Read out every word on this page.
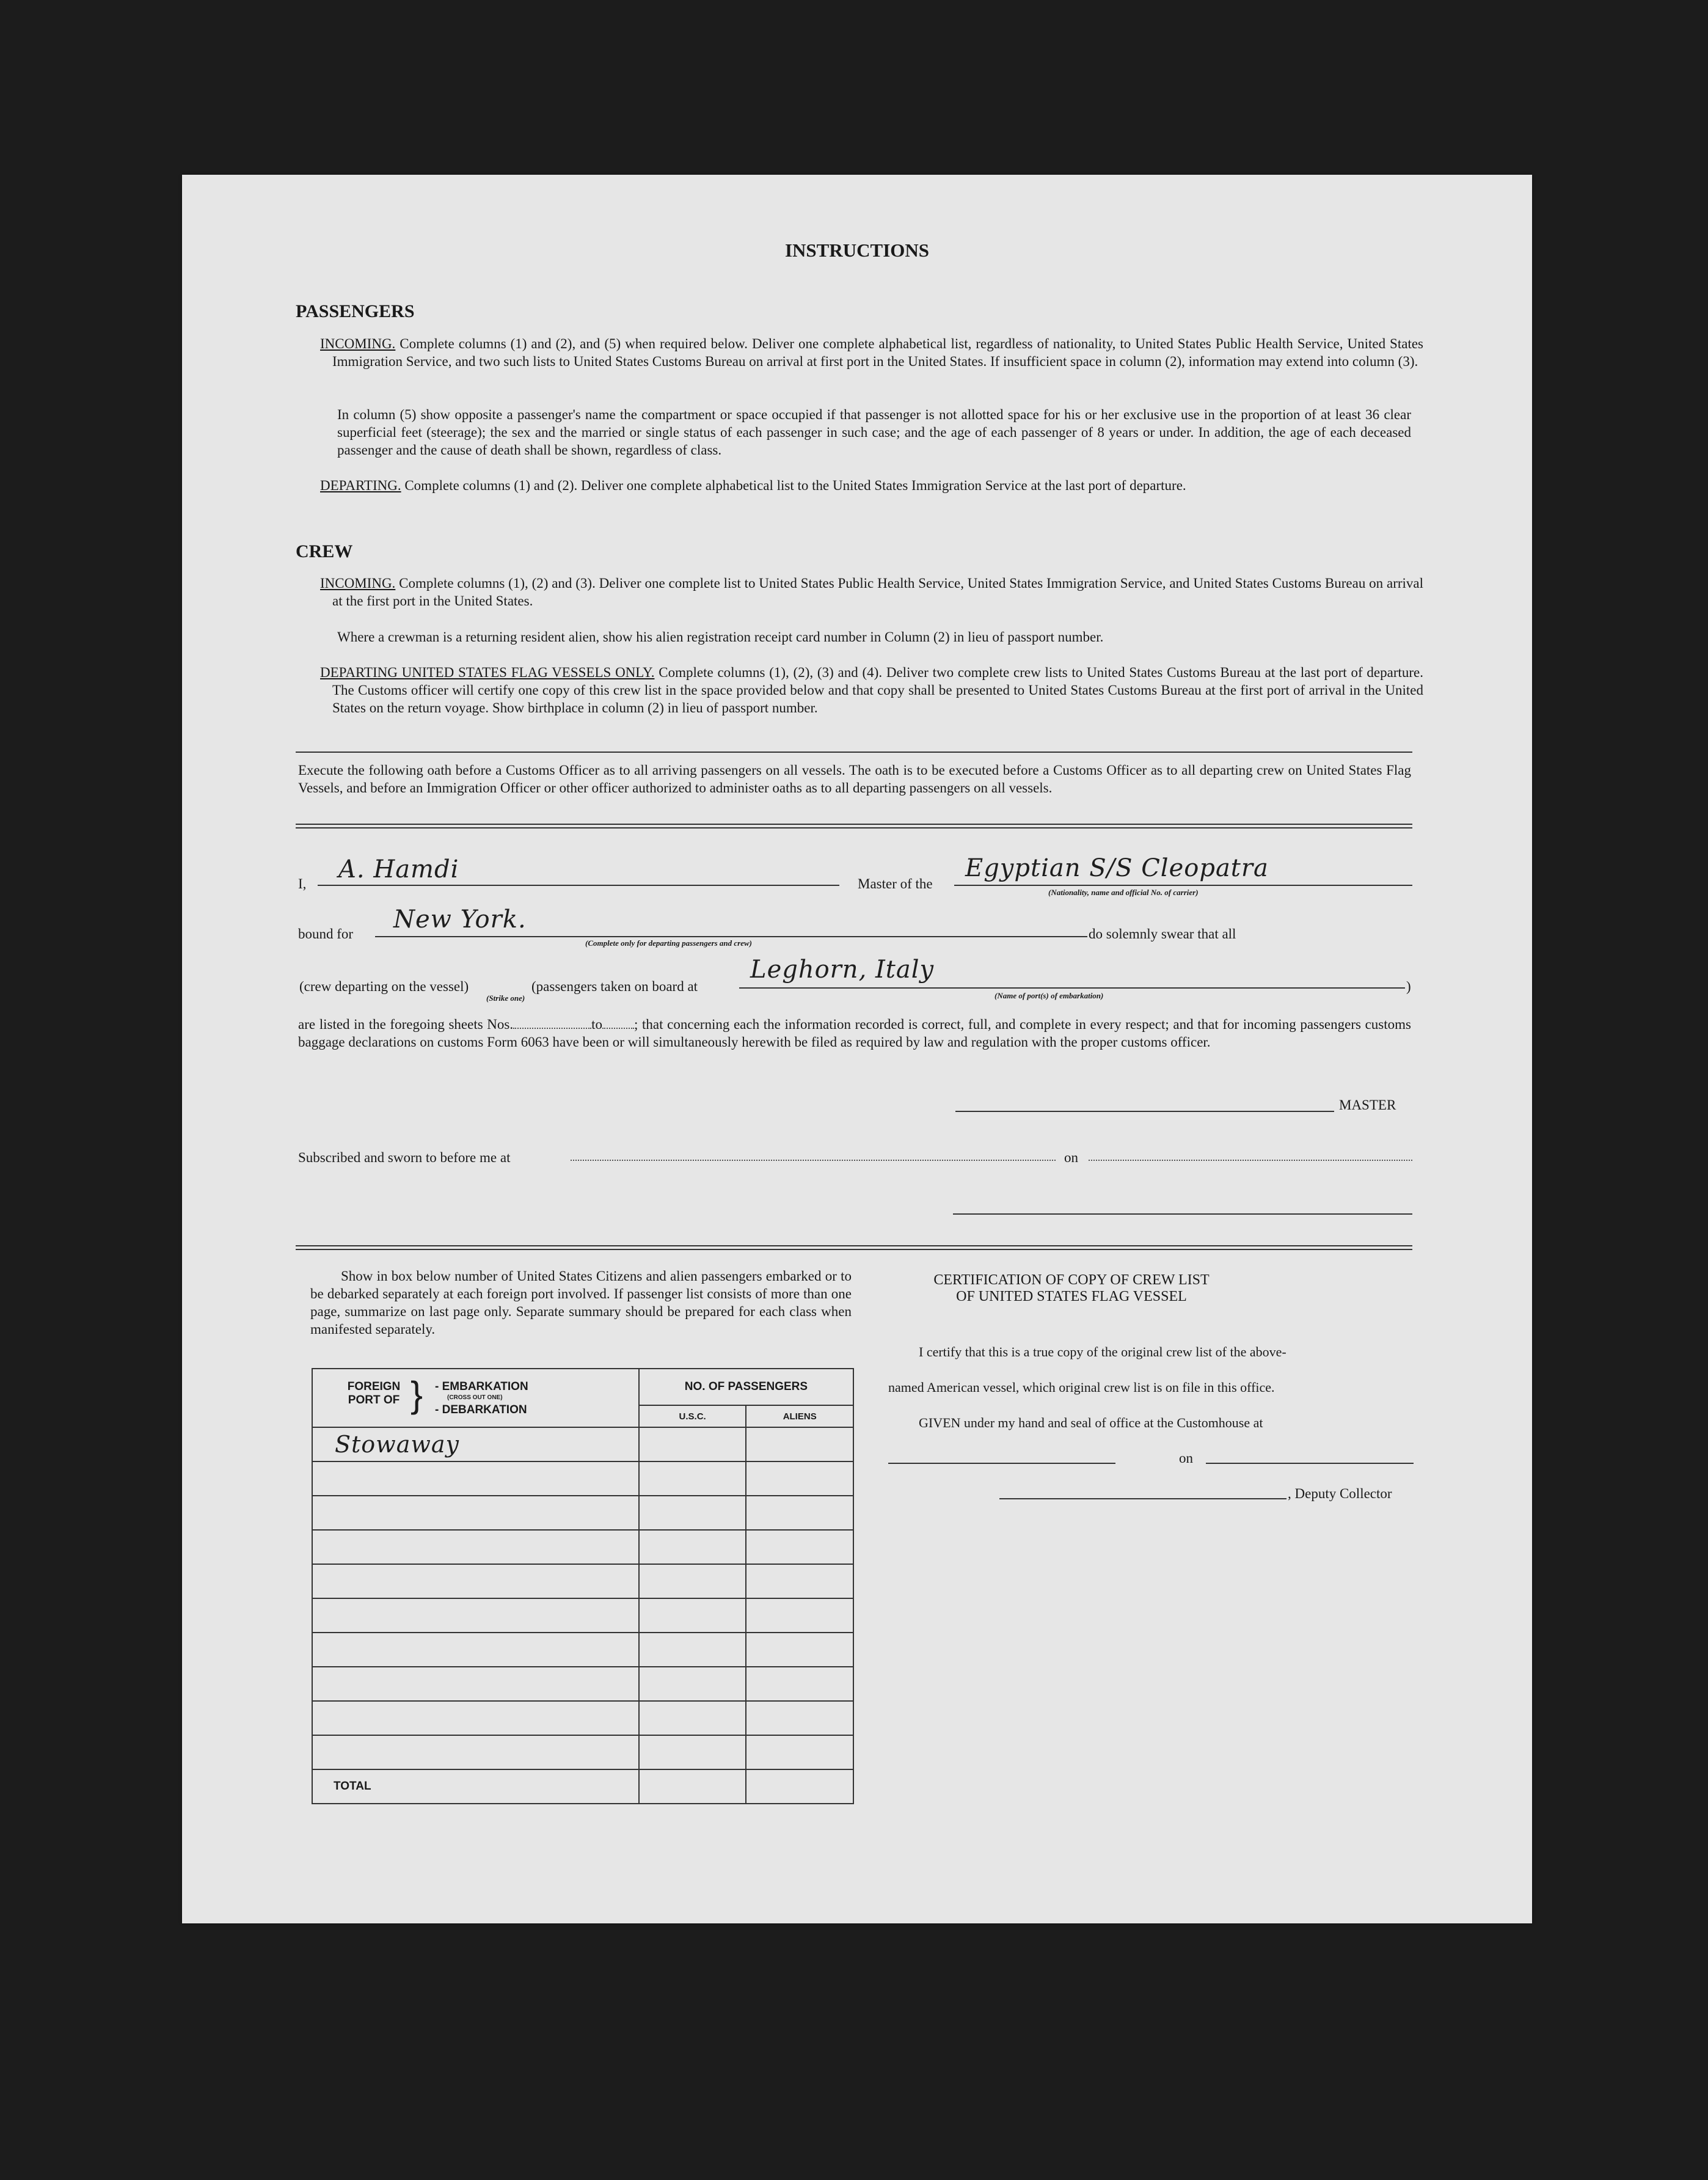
INSTRUCTIONS
PASSENGERS
INCOMING. Complete columns (1) and (2), and (5) when required below. Deliver one complete alphabetical list, regardless of nationality, to United States Public Health Service, United States Immigration Service, and two such lists to United States Customs Bureau on arrival at first port in the United States. If insufficient space in column (2), information may extend into column (3).
In column (5) show opposite a passenger's name the compartment or space occupied if that passenger is not allotted space for his or her exclusive use in the proportion of at least 36 clear superficial feet (steerage); the sex and the married or single status of each passenger in such case; and the age of each passenger of 8 years or under. In addition, the age of each deceased passenger and the cause of death shall be shown, regardless of class.
DEPARTING. Complete columns (1) and (2). Deliver one complete alphabetical list to the United States Immigration Service at the last port of departure.
CREW
INCOMING. Complete columns (1), (2) and (3). Deliver one complete list to United States Public Health Service, United States Immigration Service, and United States Customs Bureau on arrival at the first port in the United States.
Where a crewman is a returning resident alien, show his alien registration receipt card number in Column (2) in lieu of passport number.
DEPARTING UNITED STATES FLAG VESSELS ONLY. Complete columns (1), (2), (3) and (4). Deliver two complete crew lists to United States Customs Bureau at the last port of departure. The Customs officer will certify one copy of this crew list in the space provided below and that copy shall be presented to United States Customs Bureau at the first port of arrival in the United States on the return voyage. Show birthplace in column (2) in lieu of passport number.
Execute the following oath before a Customs Officer as to all arriving passengers on all vessels. The oath is to be executed before a Customs Officer as to all departing crew on United States Flag Vessels, and before an Immigration Officer or other officer authorized to administer oaths as to all departing passengers on all vessels.
I,
A. Hamdi
Master of the
Egyptian S/S Cleopatra
(Nationality, name and official No. of carrier)
bound for
New York.
(Complete only for departing passengers and crew)
do solemnly swear that all
(crew departing on the vessel)
(Strike one)
(passengers taken on board at
Leghorn, Italy
(Name of port(s) of embarkation)
)
are listed in the foregoing sheets Nos.	to ; that concerning each the information recorded is correct, full, and complete in every respect; and that for incoming passengers customs baggage declarations on customs Form 6063 have been or will simultaneously herewith be filed as required by law and regulation with the proper customs officer.
MASTER
Subscribed and sworn to before me at	on
Show in box below number of United States Citizens and alien passengers embarked or to be debarked separately at each foreign port involved. If passenger list consists of more than one page, summarize on last page only. Separate summary should be prepared for each class when manifested separately.
FOREIGN PORT OF } - EMBARKATION
(CROSS OUT ONE)
- DEBARKATION	NO. OF PASSENGERS	
	U.S.C.	ALIENS
Stowaway		

TOTAL		
CERTIFICATION OF COPY OF CREW LIST
OF UNITED STATES FLAG VESSEL
I certify that this is a true copy of the original crew list of the above-
named American vessel, which original crew list is on file in this office.
GIVEN under my hand and seal of office at the Customhouse at
on
, Deputy Collector
